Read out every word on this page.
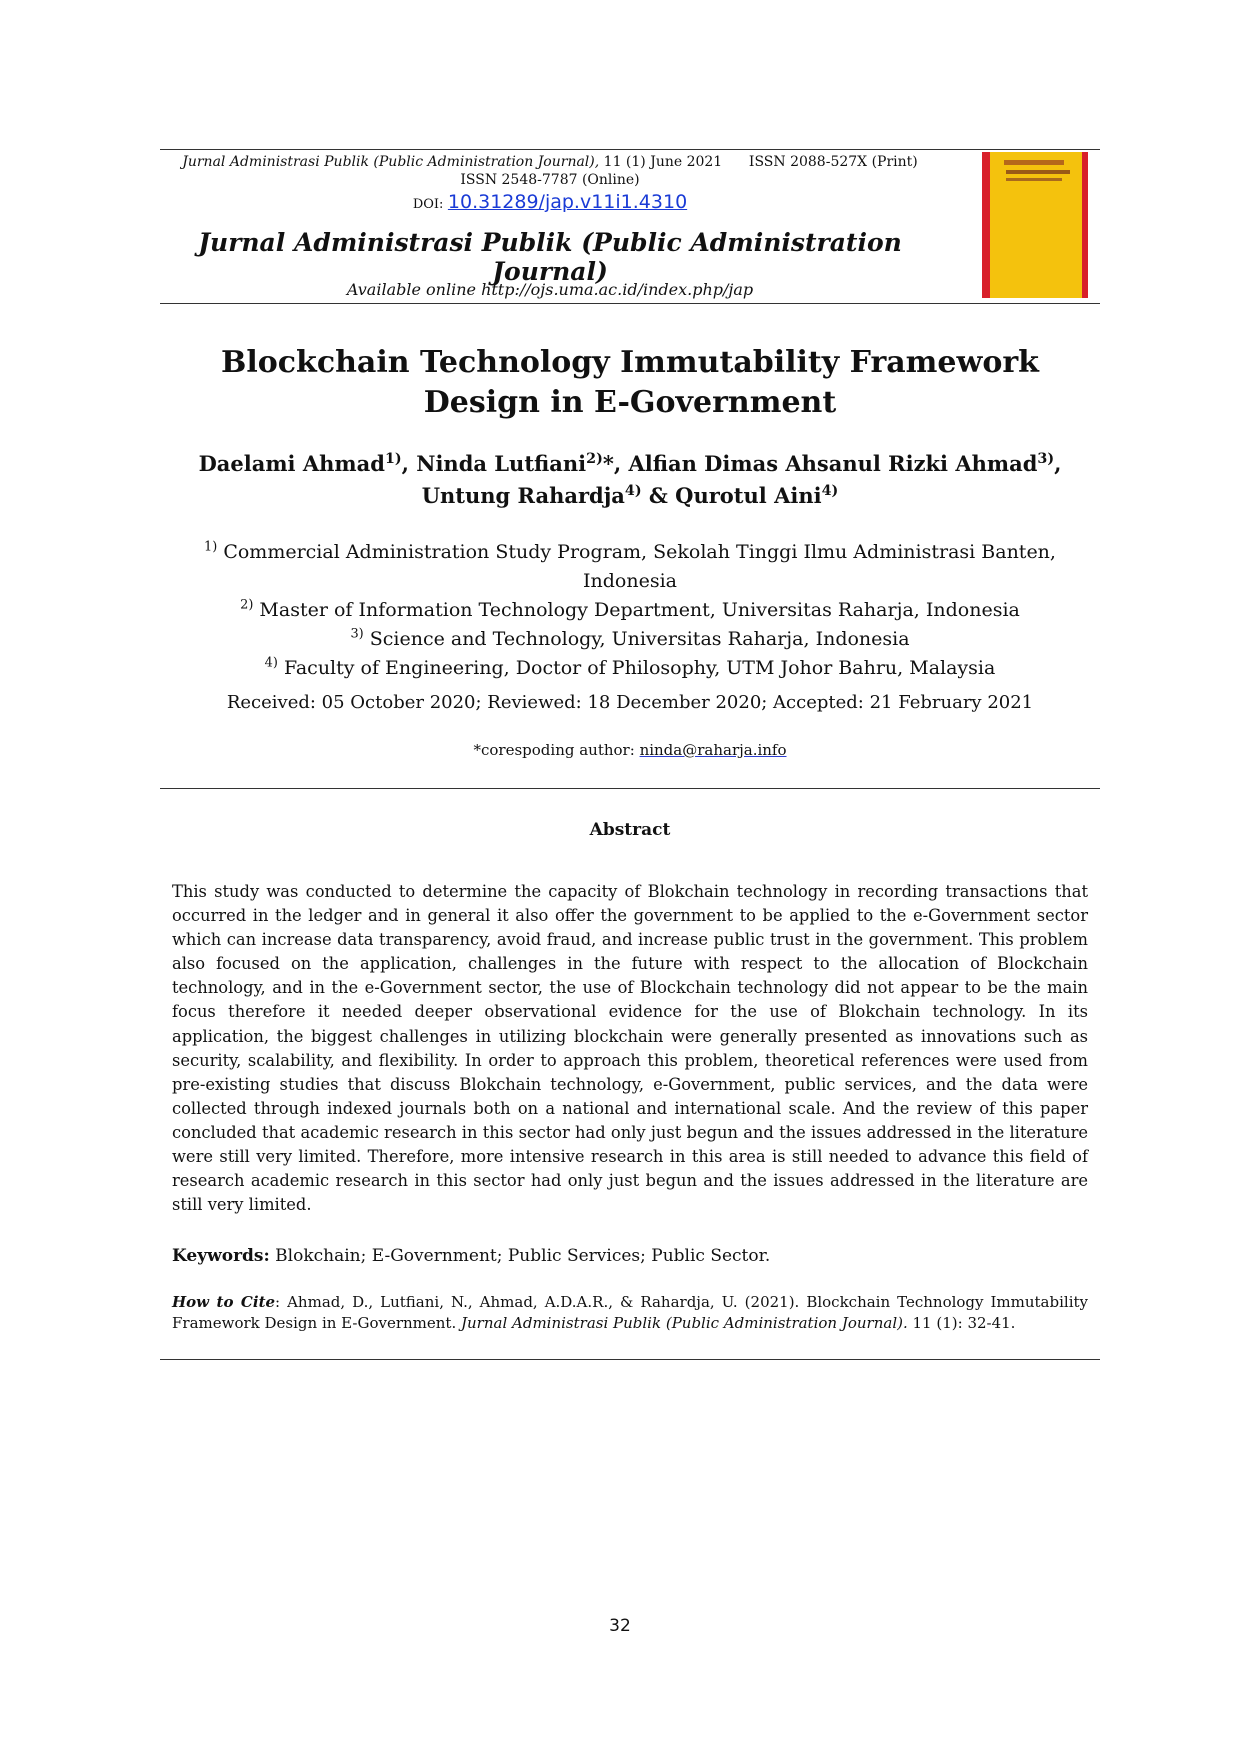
Jurnal Administrasi Publik (Public Administration Journal), 11 (1) June 2021 ISSN 2088-527X (Print)
ISSN 2548-7787 (Online)
DOI: 10.31289/jap.v11i1.4310
Jurnal Administrasi Publik (Public Administration Journal)
Available online http://ojs.uma.ac.id/index.php/jap
Blockchain Technology Immutability Framework
Design in E-Government
Daelami Ahmad$^{1)}$, Ninda Lutfiani$^{2)}$*, Alfian Dimas Ahsanul Rizki Ahmad$^{3)}$,
Untung Rahardja$^{4)}$ & Qurotul Aini$^{4)}$
$^{1)}$ Commercial Administration Study Program, Sekolah Tinggi Ilmu Administrasi Banten,
Indonesia
$^{2)}$ Master of Information Technology Department, Universitas Raharja, Indonesia
$^{3)}$ Science and Technology, Universitas Raharja, Indonesia
$^{4)}$ Faculty of Engineering, Doctor of Philosophy, UTM Johor Bahru, Malaysia
Received: 05 October 2020; Reviewed: 18 December 2020; Accepted: 21 February 2021
*corespoding author: ninda@raharja.info
Abstract

This study was conducted to determine the capacity of Blokchain technology in recording transactions that occurred in the ledger and in general it also offer the government to be applied to the e-Government sector which can increase data transparency, avoid fraud, and increase public trust in the government. This problem also focused on the application, challenges in the future with respect to the allocation of Blockchain technology, and in the e-Government sector, the use of Blockchain technology did not appear to be the main focus therefore it needed deeper observational evidence for the use of Blokchain technology. In its application, the biggest challenges in utilizing blockchain were generally presented as innovations such as security, scalability, and flexibility. In order to approach this problem, theoretical references were used from pre-existing studies that discuss Blokchain technology, e-Government, public services, and the data were collected through indexed journals both on a national and international scale. And the review of this paper concluded that academic research in this sector had only just begun and the issues addressed in the literature were still very limited. Therefore, more intensive research in this area is still needed to advance this field of research academic research in this sector had only just begun and the issues addressed in the literature are still very limited.

Keywords: Blokchain; E-Government; Public Services; Public Sector.
How to Cite: Ahmad, D., Lutfiani, N., Ahmad, A.D.A.R., & Rahardja, U. (2021). Blockchain Technology Immutability Framework Design in E-Government. Jurnal Administrasi Publik (Public Administration Journal). 11 (1): 32-41.
32
